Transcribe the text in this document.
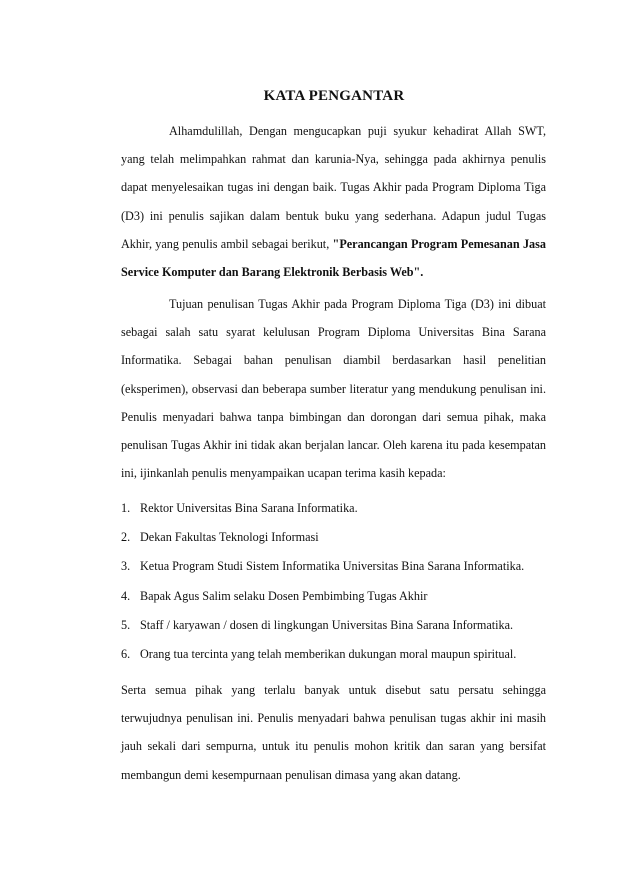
KATA PENGANTAR

Alhamdulillah, Dengan mengucapkan puji syukur kehadirat Allah SWT, yang telah melimpahkan rahmat dan karunia-Nya, sehingga pada akhirnya penulis dapat menyelesaikan tugas ini dengan baik. Tugas Akhir pada Program Diploma Tiga (D3) ini penulis sajikan dalam bentuk buku yang sederhana. Adapun judul Tugas Akhir, yang penulis ambil sebagai berikut, "Perancangan Program Pemesanan Jasa Service Komputer dan Barang Elektronik Berbasis Web".

Tujuan penulisan Tugas Akhir pada Program Diploma Tiga (D3) ini dibuat sebagai salah satu syarat kelulusan Program Diploma Universitas Bina Sarana Informatika. Sebagai bahan penulisan diambil berdasarkan hasil penelitian (eksperimen), observasi dan beberapa sumber literatur yang mendukung penulisan ini. Penulis menyadari bahwa tanpa bimbingan dan dorongan dari semua pihak, maka penulisan Tugas Akhir ini tidak akan berjalan lancar. Oleh karena itu pada kesempatan ini, ijinkanlah penulis menyampaikan ucapan terima kasih kepada:

1. Rektor Universitas Bina Sarana Informatika.
2. Dekan Fakultas Teknologi Informasi
3. Ketua Program Studi Sistem Informatika Universitas Bina Sarana Informatika.
4. Bapak Agus Salim selaku Dosen Pembimbing Tugas Akhir
5. Staff / karyawan / dosen di lingkungan Universitas Bina Sarana Informatika.
6. Orang tua tercinta yang telah memberikan dukungan moral maupun spiritual.

Serta semua pihak yang terlalu banyak untuk disebut satu persatu sehingga terwujudnya penulisan ini. Penulis menyadari bahwa penulisan tugas akhir ini masih jauh sekali dari sempurna, untuk itu penulis mohon kritik dan saran yang bersifat membangun demi kesempurnaan penulisan dimasa yang akan datang.
